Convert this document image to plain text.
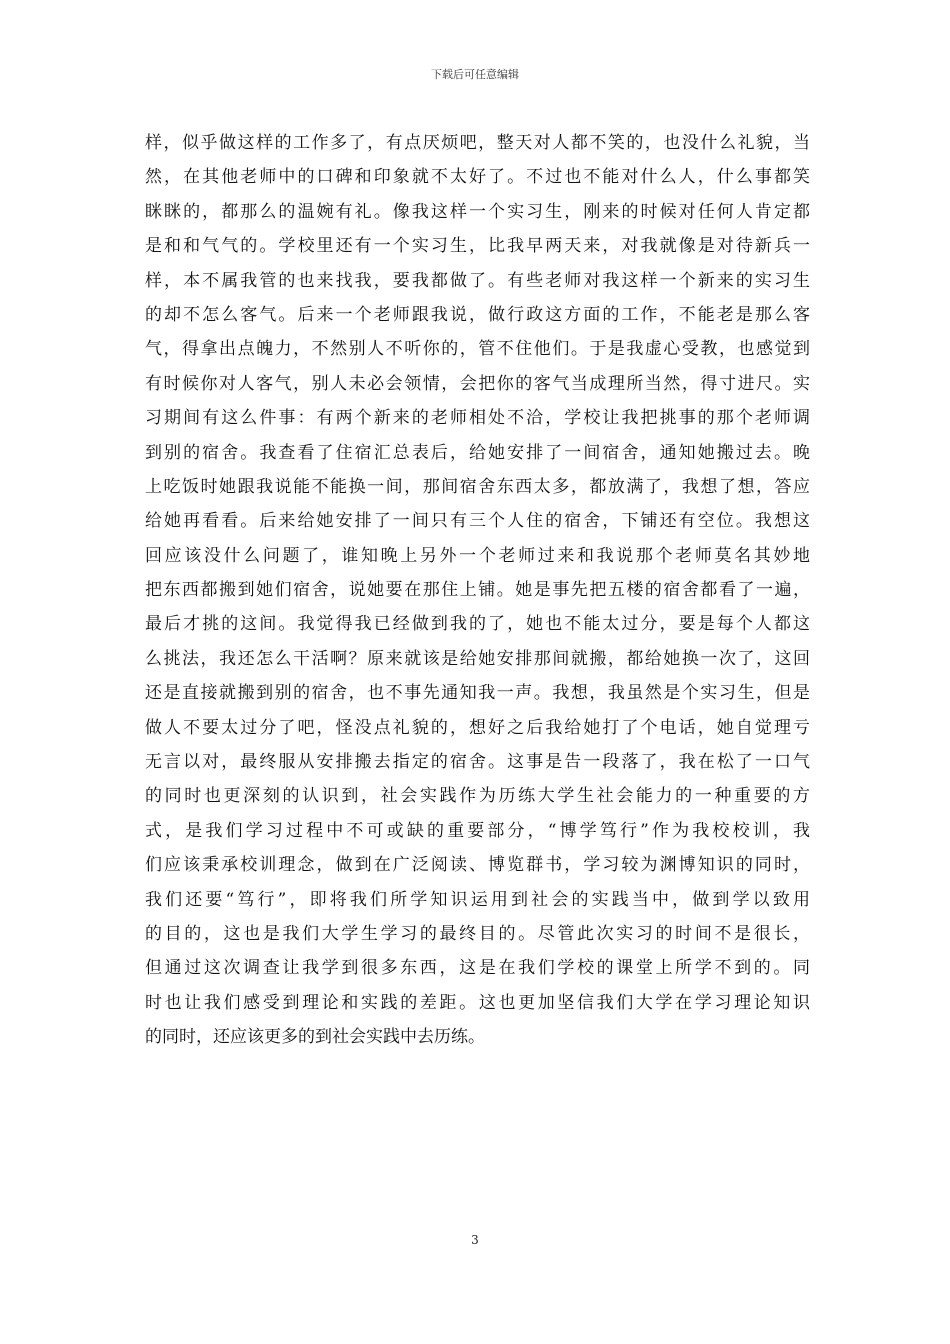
下载后可任意编辑
样，似乎做这样的工作多了，有点厌烦吧，整天对人都不笑的，也没什么礼貌，当
然，在其他老师中的口碑和印象就不太好了。不过也不能对什么人，什么事都笑
眯眯的，都那么的温婉有礼。像我这样一个实习生，刚来的时候对任何人肯定都
是和和气气的。学校里还有一个实习生，比我早两天来，对我就像是对待新兵一
样，本不属我管的也来找我，要我都做了。有些老师对我这样一个新来的实习生
的却不怎么客气。后来一个老师跟我说，做行政这方面的工作，不能老是那么客
气，得拿出点魄力，不然别人不听你的，管不住他们。于是我虚心受教，也感觉到
有时候你对人客气，别人未必会领情，会把你的客气当成理所当然，得寸进尺。实
习期间有这么件事：有两个新来的老师相处不洽，学校让我把挑事的那个老师调
到别的宿舍。我查看了住宿汇总表后，给她安排了一间宿舍，通知她搬过去。晚
上吃饭时她跟我说能不能换一间，那间宿舍东西太多，都放满了，我想了想，答应
给她再看看。后来给她安排了一间只有三个人住的宿舍，下铺还有空位。我想这
回应该没什么问题了，谁知晚上另外一个老师过来和我说那个老师莫名其妙地
把东西都搬到她们宿舍，说她要在那住上铺。她是事先把五楼的宿舍都看了一遍，
最后才挑的这间。我觉得我已经做到我的了，她也不能太过分，要是每个人都这
么挑法，我还怎么干活啊？原来就该是给她安排那间就搬，都给她换一次了，这回
还是直接就搬到别的宿舍，也不事先通知我一声。我想，我虽然是个实习生，但是
做人不要太过分了吧，怪没点礼貌的，想好之后我给她打了个电话，她自觉理亏
无言以对，最终服从安排搬去指定的宿舍。这事是告一段落了，我在松了一口气
的同时也更深刻的认识到，社会实践作为历练大学生社会能力的一种重要的方
式，是我们学习过程中不可或缺的重要部分，“博学笃行”作为我校校训，我
们应该秉承校训理念，做到在广泛阅读、博览群书，学习较为渊博知识的同时，
我们还要“笃行”，即将我们所学知识运用到社会的实践当中，做到学以致用
的目的，这也是我们大学生学习的最终目的。尽管此次实习的时间不是很长，
但通过这次调查让我学到很多东西，这是在我们学校的课堂上所学不到的。同
时也让我们感受到理论和实践的差距。这也更加坚信我们大学在学习理论知识
的同时，还应该更多的到社会实践中去历练。
3
